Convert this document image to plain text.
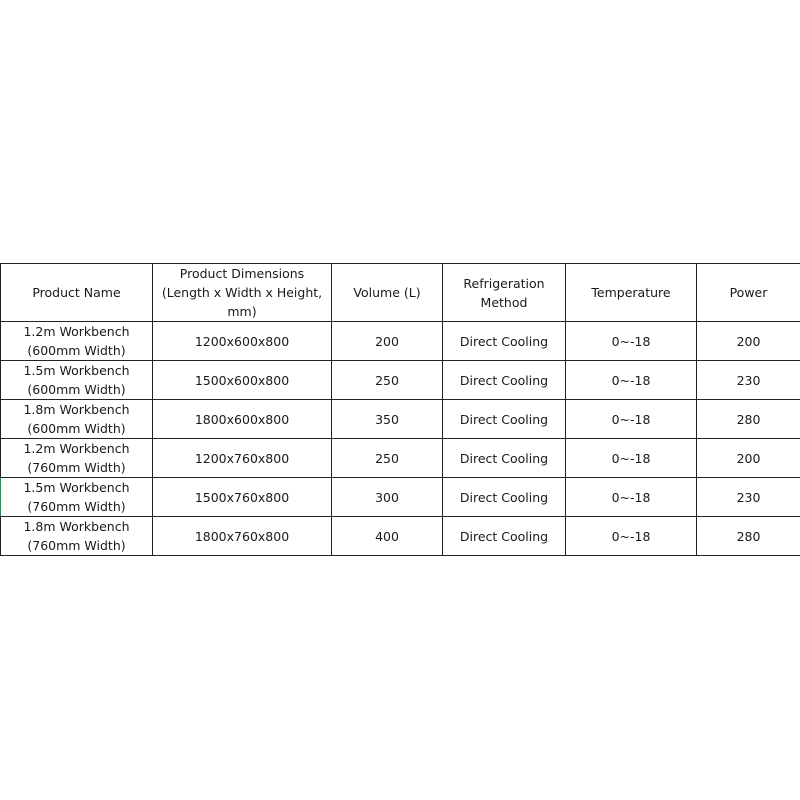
Product Name	Product Dimensions (Length x Width x Height, mm)	Volume (L)	Refrigeration Method	Temperature	Power
1.2m Workbench (600mm Width)	1200x600x800	200	Direct Cooling	0~-18	200
1.5m Workbench (600mm Width)	1500x600x800	250	Direct Cooling	0~-18	230
1.8m Workbench (600mm Width)	1800x600x800	350	Direct Cooling	0~-18	280
1.2m Workbench (760mm Width)	1200x760x800	250	Direct Cooling	0~-18	200
1.5m Workbench (760mm Width)	1500x760x800	300	Direct Cooling	0~-18	230
1.8m Workbench (760mm Width)	1800x760x800	400	Direct Cooling	0~-18	280
